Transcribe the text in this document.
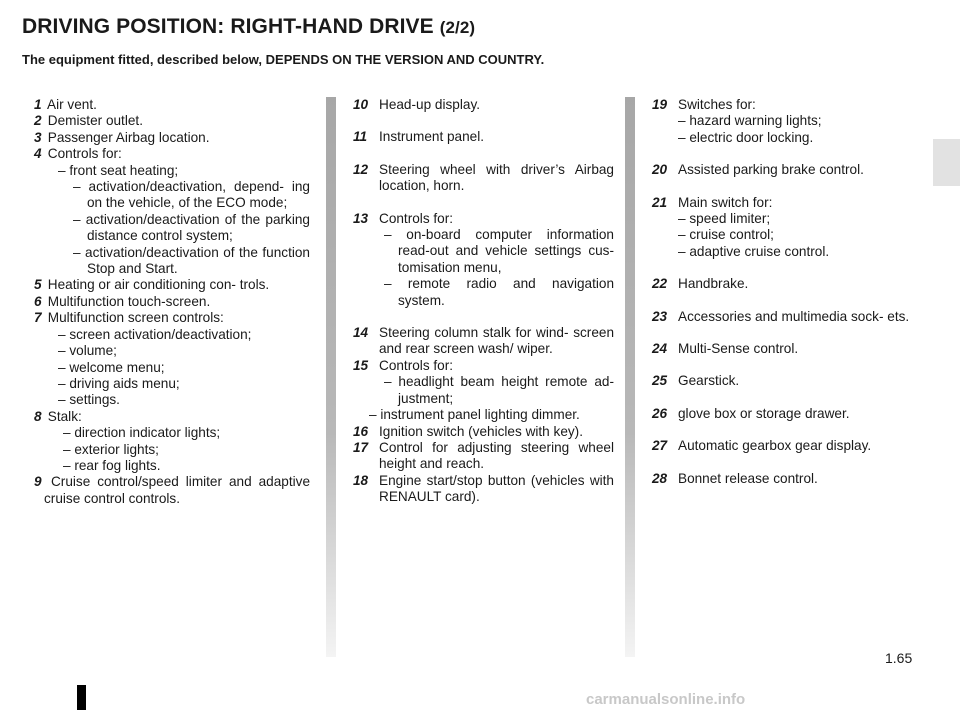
DRIVING POSITION: RIGHT-HAND DRIVE (2/2)
The equipment fitted, described below, DEPENDS ON THE VERSION AND COUNTRY.
1 Air vent.
2 Demister outlet.
3 Passenger Airbag location.
4 Controls for:
– front seat heating;
– activation/deactivation, depend- ing on the vehicle, of the ECO mode;
– activation/deactivation of the parking distance control system;
– activation/deactivation of the function Stop and Start.
5 Heating or air conditioning con- trols.
6 Multifunction touch-screen.
7 Multifunction screen controls:
– screen activation/deactivation;
– volume;
– welcome menu;
– driving aids menu;
– settings.
8 Stalk:
– direction indicator lights;
– exterior lights;
– rear fog lights.
9 Cruise control/speed limiter and adaptive cruise control controls.
10 Head-up display.
11 Instrument panel.
12 Steering wheel with driver’s Airbag location, horn.
13 Controls for:
– on-board computer information read-out and vehicle settings cus- tomisation menu,
– remote radio and navigation system.
14 Steering column stalk for wind- screen and rear screen wash/ wiper.
15 Controls for:
– headlight beam height remote ad- justment;
– instrument panel lighting dimmer.
16 Ignition switch (vehicles with key).
17 Control for adjusting steering wheel height and reach.
18 Engine start/stop button (vehicles with RENAULT card).
19 Switches for:
– hazard warning lights;
– electric door locking.
20 Assisted parking brake control.
21 Main switch for:
– speed limiter;
– cruise control;
– adaptive cruise control.
22 Handbrake.
23 Accessories and multimedia sock- ets.
24 Multi-Sense control.
25 Gearstick.
26 glove box or storage drawer.
27 Automatic gearbox gear display.
28 Bonnet release control.
1.65
carmanualsonline.info
